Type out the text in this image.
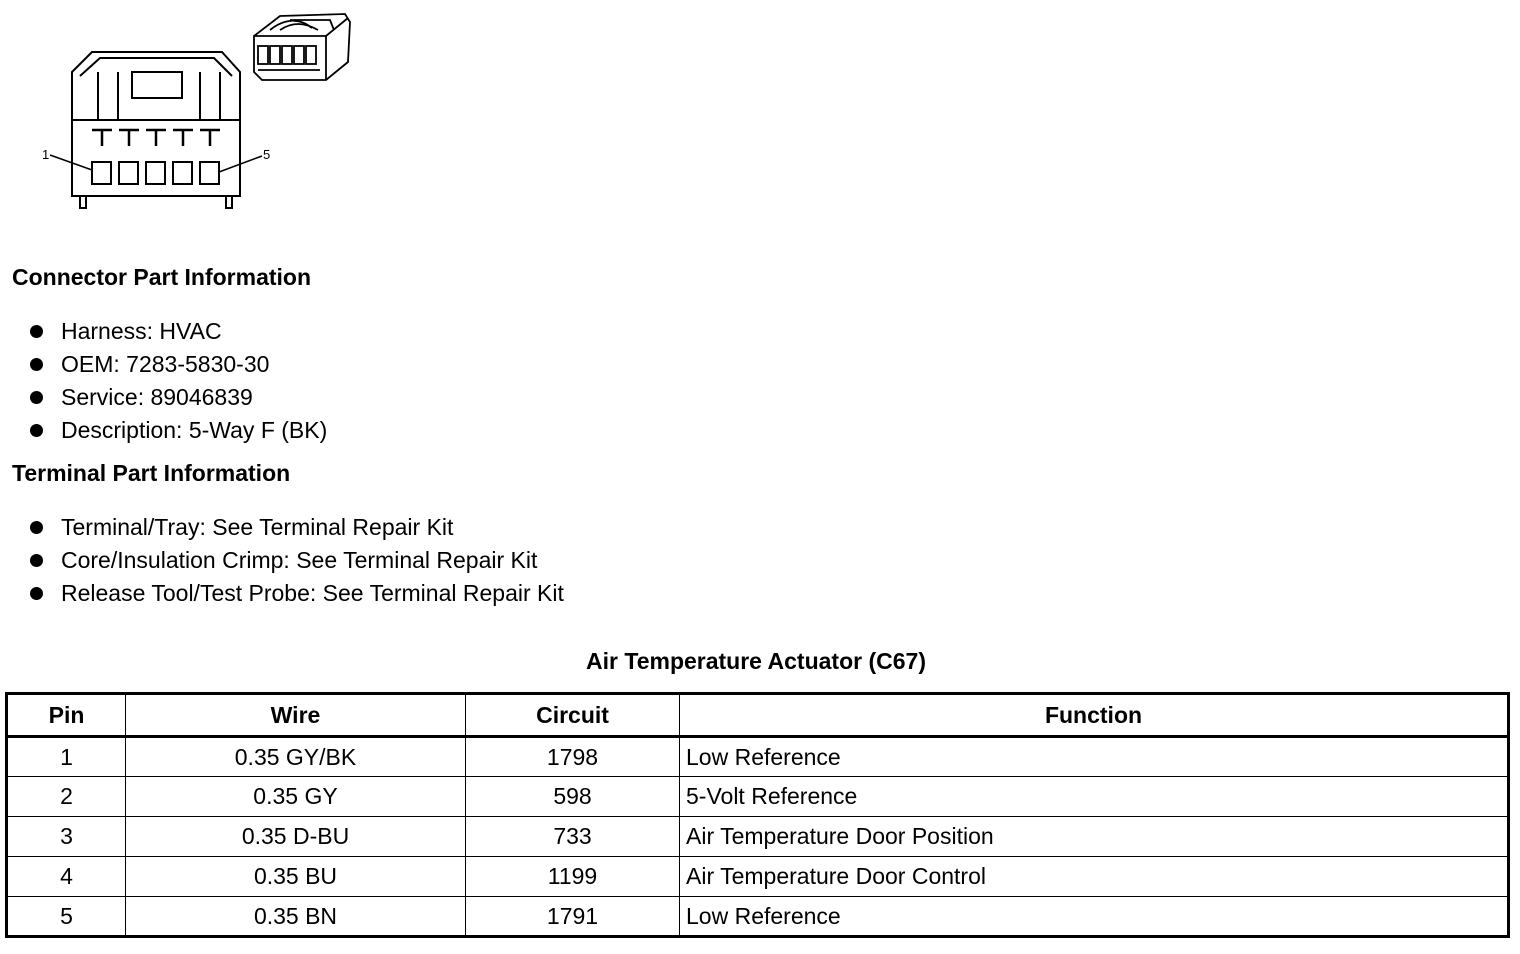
1	5
Connector Part Information
Harness: HVAC
OEM: 7283-5830-30
Service: 89046839
Description: 5-Way F (BK)
Terminal Part Information
Terminal/Tray: See Terminal Repair Kit
Core/Insulation Crimp: See Terminal Repair Kit
Release Tool/Test Probe: See Terminal Repair Kit
Air Temperature Actuator (C67)
Pin	Wire	Circuit	Function
1	0.35 GY/BK	1798	Low Reference
2	0.35 GY	598	5-Volt Reference
3	0.35 D-BU	733	Air Temperature Door Position
4	0.35 BU	1199	Air Temperature Door Control
5	0.35 BN	1791	Low Reference
